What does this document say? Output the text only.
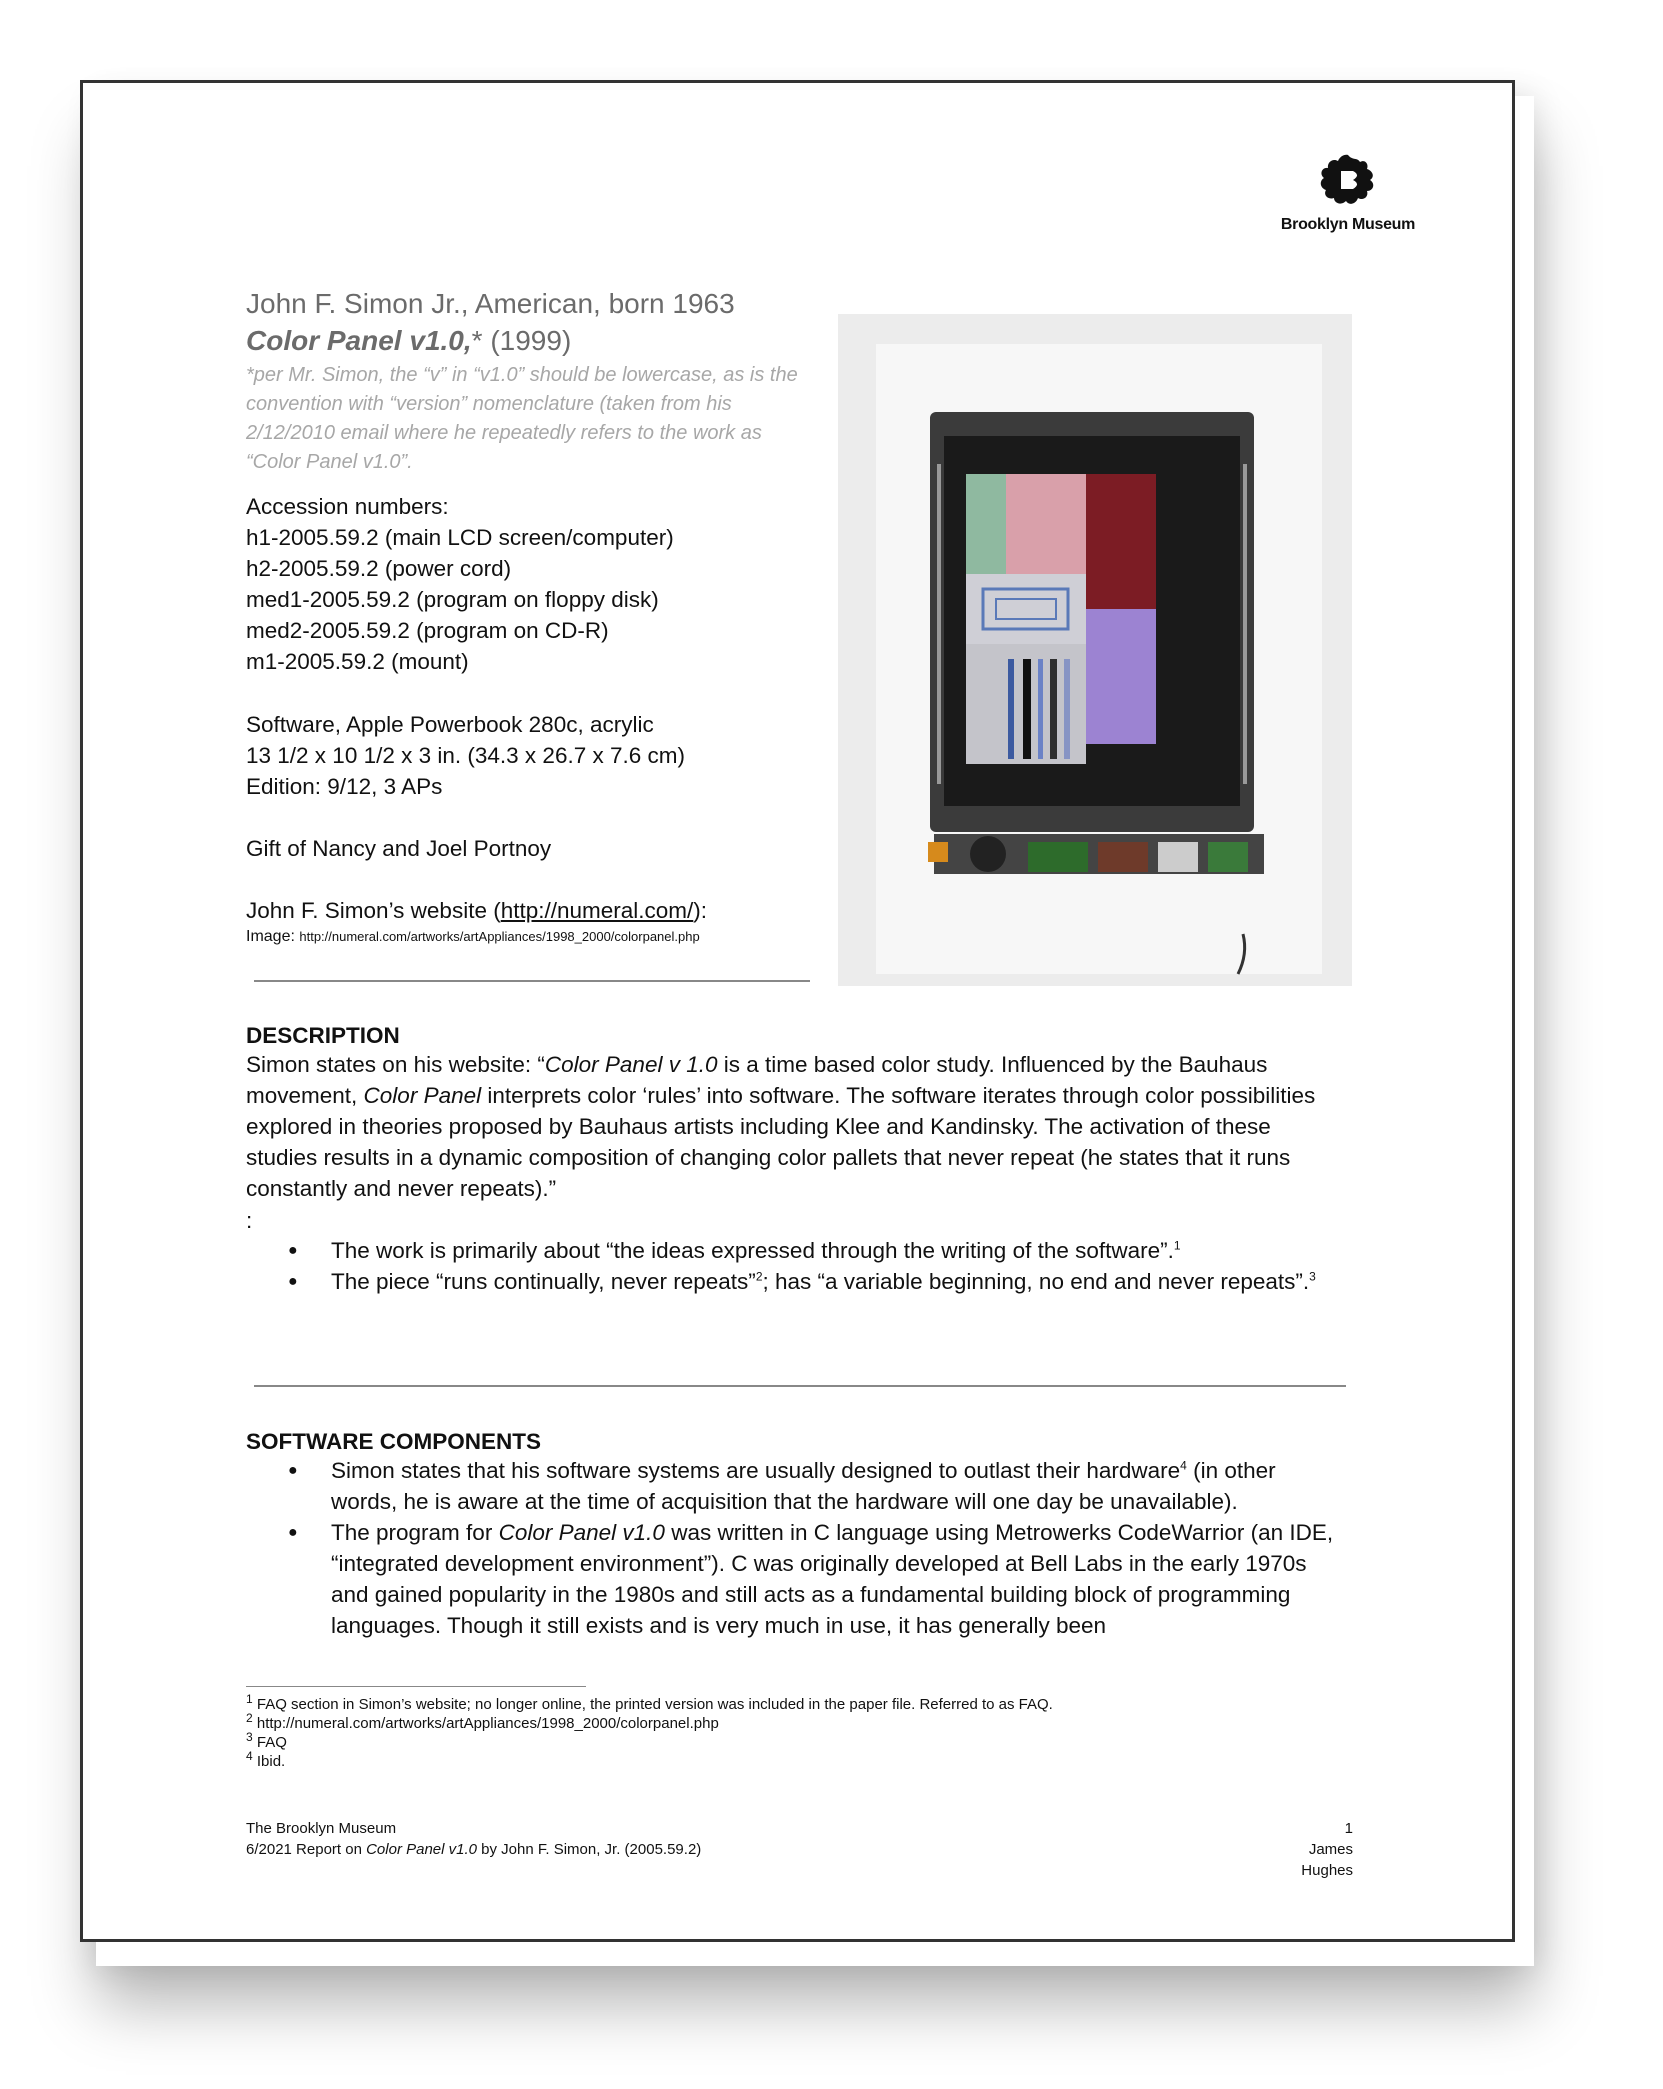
Brooklyn Museum
John F. Simon Jr., American, born 1963
Color Panel v1.0,* (1999)
*per Mr. Simon, the “v” in “v1.0” should be lowercase, as is the convention with “version” nomenclature (taken from his 2/12/2010 email where he repeatedly refers to the work as “Color Panel v1.0”.
Accession numbers:
h1-2005.59.2 (main LCD screen/computer)
h2-2005.59.2 (power cord)
med1-2005.59.2 (program on floppy disk)
med2-2005.59.2 (program on CD-R)
m1-2005.59.2 (mount)
Software, Apple Powerbook 280c, acrylic
13 1/2 x 10 1/2 x 3 in. (34.3 x 26.7 x 7.6 cm)
Edition: 9/12, 3 APs
Gift of Nancy and Joel Portnoy
John F. Simon’s website (http://numeral.com/):
Image: http://numeral.com/artworks/artAppliances/1998_2000/colorpanel.php
DESCRIPTION
Simon states on his website: “Color Panel v 1.0 is a time based color study. Influenced by the Bauhaus movement, Color Panel interprets color ‘rules’ into software. The software iterates through color possibilities explored in theories proposed by Bauhaus artists including Klee and Kandinsky. The activation of these studies results in a dynamic composition of changing color pallets that never repeat (he states that it runs constantly and never repeats).”
:
● The work is primarily about “the ideas expressed through the writing of the software”.$^1$
● The piece “runs continually, never repeats”$^2$; has “a variable beginning, no end and never repeats”.$^3$
SOFTWARE COMPONENTS
● Simon states that his software systems are usually designed to outlast their hardware$^4$ (in other words, he is aware at the time of acquisition that the hardware will one day be unavailable).
● The program for Color Panel v1.0 was written in C language using Metrowerks CodeWarrior (an IDE, “integrated development environment”). C was originally developed at Bell Labs in the early 1970s and gained popularity in the 1980s and still acts as a fundamental building block of programming languages. Though it still exists and is very much in use, it has generally been
$^1$ FAQ section in Simon’s website; no longer online, the printed version was included in the paper file. Referred to as FAQ.
$^2$ http://numeral.com/artworks/artAppliances/1998_2000/colorpanel.php
$^3$ FAQ
$^4$ Ibid.
The Brooklyn Museum
6/2021 Report on Color Panel v1.0 by John F. Simon, Jr. (2005.59.2)
1
James Hughes
